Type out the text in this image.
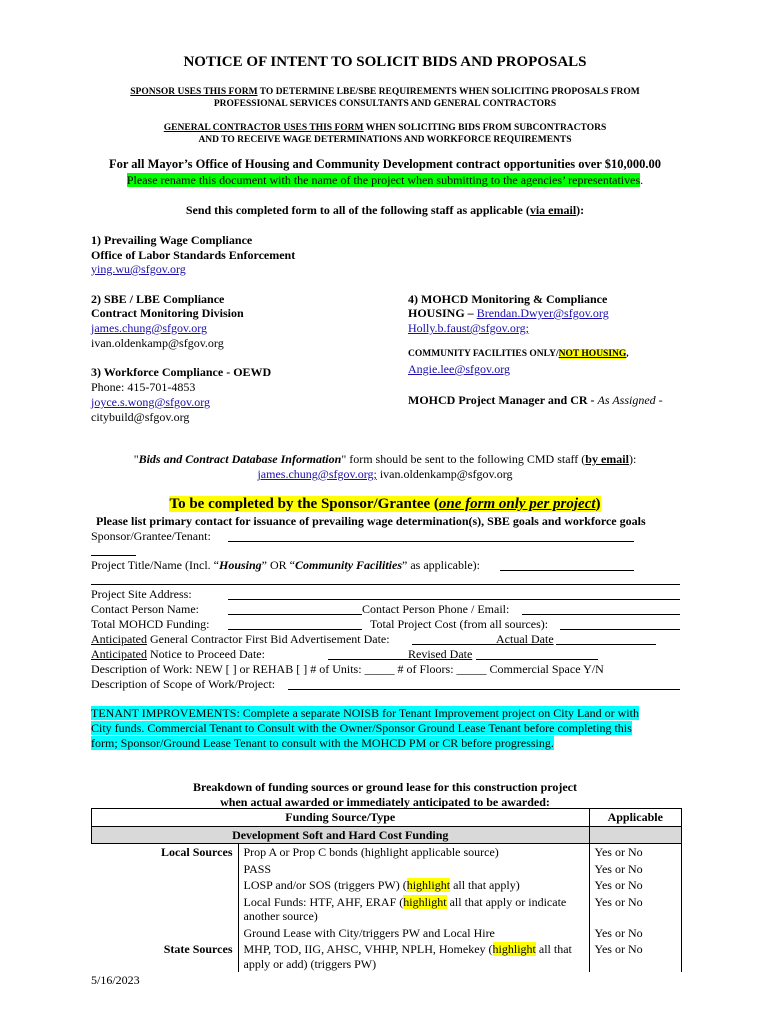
NOTICE OF INTENT TO SOLICIT BIDS AND PROPOSALS
SPONSOR USES THIS FORM TO DETERMINE LBE/SBE REQUIREMENTS WHEN SOLICITING PROPOSALS FROM
PROFESSIONAL SERVICES CONSULTANTS AND GENERAL CONTRACTORS
GENERAL CONTRACTOR USES THIS FORM WHEN SOLICITING BIDS FROM SUBCONTRACTORS
AND TO RECEIVE WAGE DETERMINATIONS AND WORKFORCE REQUIREMENTS
For all Mayor’s Office of Housing and Community Development contract opportunities over $10,000.00
Please rename this document with the name of the project when submitting to the agencies’ representatives.
Send this completed form to all of the following staff as applicable (via email):
1) Prevailing Wage Compliance
Office of Labor Standards Enforcement
ying.wu@sfgov.org
2) SBE / LBE Compliance
Contract Monitoring Division
james.chung@sfgov.org
ivan.oldenkamp@sfgov.org
3) Workforce Compliance - OEWD
Phone: 415-701-4853
joyce.s.wong@sfgov.org
citybuild@sfgov.org
4) MOHCD Monitoring & Compliance
HOUSING – Brendan.Dwyer@sfgov.org
Holly.b.faust@sfgov.org;
COMMUNITY FACILITIES ONLY/NOT HOUSING,
Angie.lee@sfgov.org
MOHCD Project Manager and CR - As Assigned -
"Bids and Contract Database Information" form should be sent to the following CMD staff (by email):
james.chung@sfgov.org; ivan.oldenkamp@sfgov.org
To be completed by the Sponsor/Grantee (one form only per project)
Please list primary contact for issuance of prevailing wage determination(s), SBE goals and workforce goals
Sponsor/Grantee/Tenant:
Project Title/Name (Incl. “Housing” OR “Community Facilities” as applicable):
Project Site Address:
Contact Person Name:	Contact Person Phone / Email:
Total MOHCD Funding:	Total Project Cost (from all sources):
Anticipated General Contractor First Bid Advertisement Date:	Actual Date
Anticipated Notice to Proceed Date:	Revised Date
Description of Work: NEW [ ] or REHAB [ ] # of Units: _____ # of Floors: _____ Commercial Space Y/N
Description of Scope of Work/Project:
TENANT IMPROVEMENTS: Complete a separate NOISB for Tenant Improvement project on City Land or with
City funds. Commercial Tenant to Consult with the Owner/Sponsor Ground Lease Tenant before completing this
form; Sponsor/Ground Lease Tenant to consult with the MOHCD PM or CR before progressing.
Breakdown of funding sources or ground lease for this construction project
when actual awarded or immediately anticipated to be awarded:
Funding Source/Type		Applicable
Development Soft and Hard Cost Funding		
Local Sources	Prop A or Prop C bonds (highlight applicable source)	Yes or No
	PASS	Yes or No
	LOSP and/or SOS (triggers PW) (highlight all that apply)	Yes or No
	Local Funds: HTF, AHF, ERAF (highlight all that apply or indicate another source)	Yes or No
	Ground Lease with City/triggers PW and Local Hire	Yes or No
State Sources	MHP, TOD, IIG, AHSC, VHHP, NPLH, Homekey (highlight all that apply or add) (triggers PW)	Yes or No
5/16/2023
